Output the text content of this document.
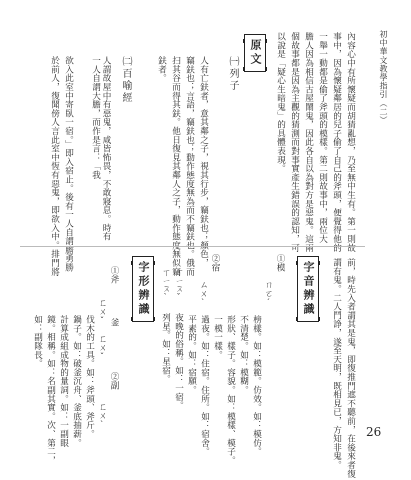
初中華文教學指引（二）
26
內容心中有所懷疑而胡猜亂想，乃至無中生有。第一則故
事中，因為懷疑鄰居的兒子偷了自己的斧頭，便覺得他的
一舉一動都是偷了斧頭的模樣。第二則故事中，兩位大
膽人因為相信古屋鬧鬼，因此各自以為對方是惡鬼。這兩
個故事都是因為主觀的猜測而對事實產生錯誤的認知，可
以說是「疑心生暗鬼」的具體表現。
原文
㈠列子
人有亡鈇者，意其鄰之子，視其行步，竊鈇也；顏色，
竊鈇也；言語，竊鈇也；動作態度無為而不竊鈇也。俄而
扫其谷而得其鈇。他日復見其鄰人之子，動作態度無似竊
鈇者。
㈡百喻經
人謂故屋中有惡鬼，咸皆怖畏，不敢寢息。時有一人自謂大膽，而作是言：「我
欲入此室中寄臥一宿。」即入宿止。後有一人自謂膽勇勝
於前人，復聞傍人言此室中恆有惡鬼，即欲入中。排門將
前，時先入者謂其是鬼，即復推門遮不聽前，在後來者復
謂有鬼。二人鬥諍，遂至天明，既相見已，方知非鬼。
字音辨識
①模
ㄇㄛˊ
榜樣。如：模範。仿效。如：模仿。
不清楚。如：模糊。
形狀、樣子。容貌。如：模樣、模子。
一模一樣。
②宿
ㄙㄨˋ
過夜。如：住宿。住所。如：宿舍。
平素的。如：宿願。
ㄒㄧㄡˇ 夜晚的俗稱。如：一宿。
ㄒㄧㄡˋ 列星。如：星宿。
字形辨識
①斧
ㄈㄨˇ 釜
ㄈㄨˇ
伐木的工具。如：斧頭、斧斤。
鍋子。如：破釜沉舟、釜底抽薪。	②副
ㄈㄨˋ
計算成組成物的量詞。如：一副眼
鏡。相稱。如：名副其實。次、第二，
如：副隊長。
